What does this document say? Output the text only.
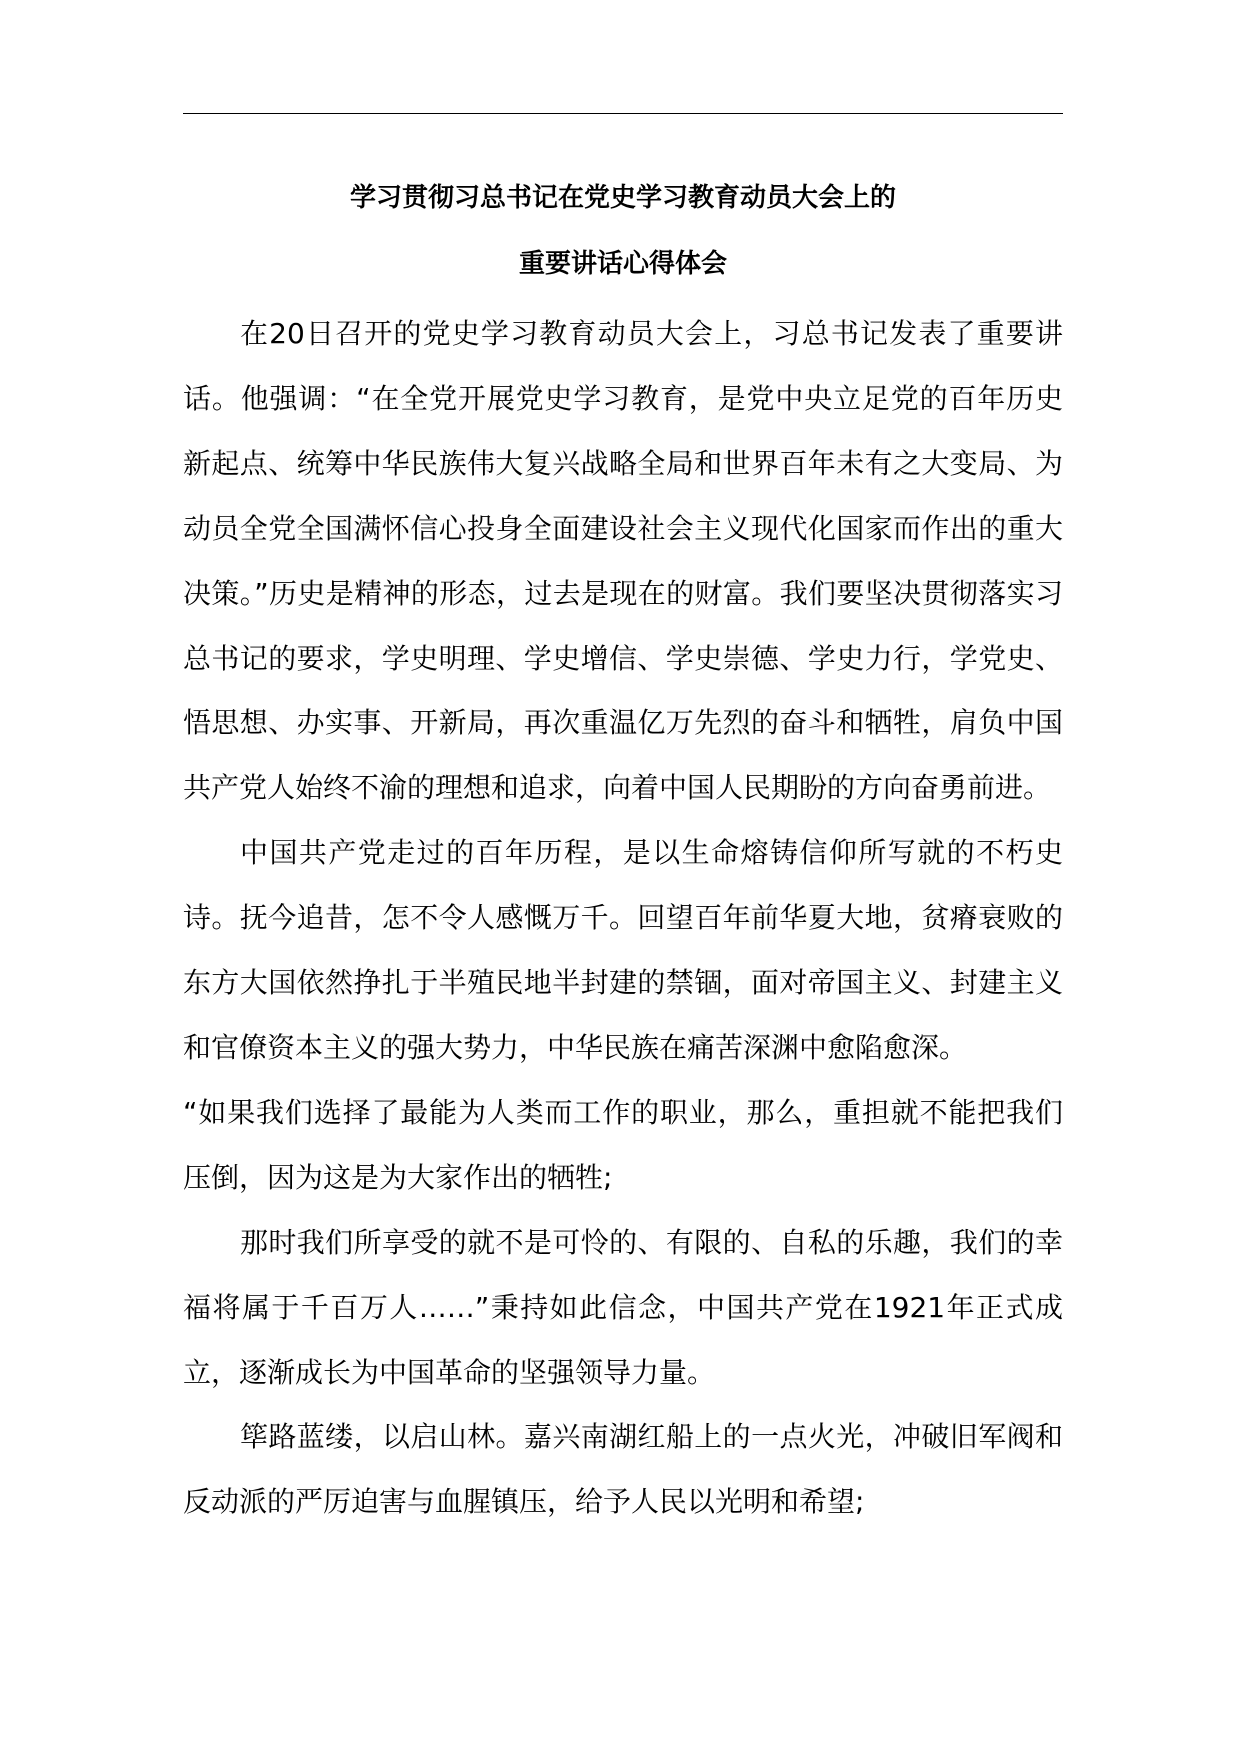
学习贯彻习总书记在党史学习教育动员大会上的
重要讲话心得体会

在20日召开的党史学习教育动员大会上，习总书记发表了重要讲话。他强调：“在全党开展党史学习教育，是党中央立足党的百年历史新起点、统筹中华民族伟大复兴战略全局和世界百年未有之大变局、为动员全党全国满怀信心投身全面建设社会主义现代化国家而作出的重大决策。”历史是精神的形态，过去是现在的财富。我们要坚决贯彻落实习总书记的要求，学史明理、学史增信、学史崇德、学史力行，学党史、悟思想、办实事、开新局，再次重温亿万先烈的奋斗和牺牲，肩负中国共产党人始终不渝的理想和追求，向着中国人民期盼的方向奋勇前进。

中国共产党走过的百年历程，是以生命熔铸信仰所写就的不朽史诗。抚今追昔，怎不令人感慨万千。回望百年前华夏大地，贫瘠衰败的东方大国依然挣扎于半殖民地半封建的禁锢，面对帝国主义、封建主义和官僚资本主义的强大势力，中华民族在痛苦深渊中愈陷愈深。

“如果我们选择了最能为人类而工作的职业，那么，重担就不能把我们压倒，因为这是为大家作出的牺牲;

那时我们所享受的就不是可怜的、有限的、自私的乐趣，我们的幸福将属于千百万人……”秉持如此信念，中国共产党在1921年正式成立，逐渐成长为中国革命的坚强领导力量。

筚路蓝缕，以启山林。嘉兴南湖红船上的一点火光，冲破旧军阀和反动派的严厉迫害与血腥镇压，给予人民以光明和希望;
